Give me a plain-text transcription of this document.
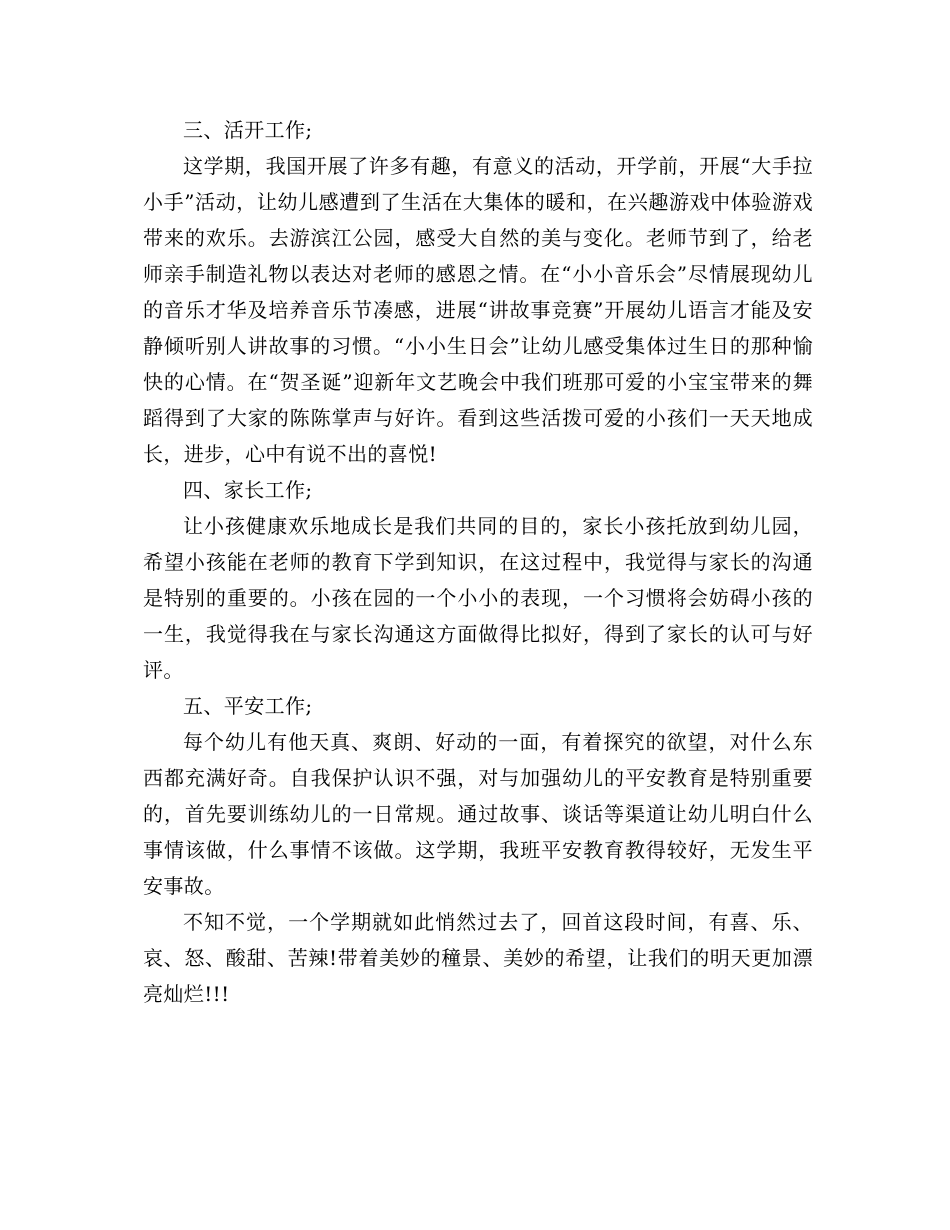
三、活开工作;

这学期，我国开展了许多有趣，有意义的活动，开学前，开展“大手拉小手”活动，让幼儿感遭到了生活在大集体的暖和，在兴趣游戏中体验游戏带来的欢乐。去游滨江公园，感受大自然的美与变化。老师节到了，给老师亲手制造礼物以表达对老师的感恩之情。在“小小音乐会”尽情展现幼儿的音乐才华及培养音乐节凑感，进展“讲故事竞赛”开展幼儿语言才能及安静倾听别人讲故事的习惯。“小小生日会”让幼儿感受集体过生日的那种愉快的心情。在“贺圣诞”迎新年文艺晚会中我们班那可爱的小宝宝带来的舞蹈得到了大家的陈陈掌声与好许。看到这些活拨可爱的小孩们一天天地成长，进步，心中有说不出的喜悦!

四、家长工作;

让小孩健康欢乐地成长是我们共同的目的，家长小孩托放到幼儿园，希望小孩能在老师的教育下学到知识，在这过程中，我觉得与家长的沟通是特别的重要的。小孩在园的一个小小的表现，一个习惯将会妨碍小孩的一生，我觉得我在与家长沟通这方面做得比拟好，得到了家长的认可与好评。

五、平安工作;

每个幼儿有他天真、爽朗、好动的一面，有着探究的欲望，对什么东西都充满好奇。自我保护认识不强，对与加强幼儿的平安教育是特别重要的，首先要训练幼儿的一日常规。通过故事、谈话等渠道让幼儿明白什么事情该做，什么事情不该做。这学期，我班平安教育教得较好，无发生平安事故。

不知不觉，一个学期就如此悄然过去了，回首这段时间，有喜、乐、哀、怒、酸甜、苦辣!带着美妙的穜景、美妙的希望，让我们的明天更加漂亮灿烂!!!
